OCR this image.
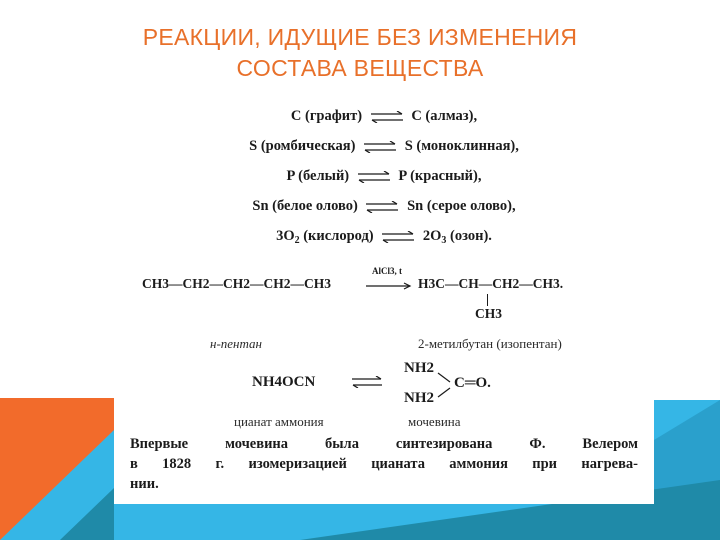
РЕАКЦИИ, ИДУЩИЕ БЕЗ ИЗМЕНЕНИЯ
СОСТАВА ВЕЩЕСТВА
C (графит) ⇌ C (алмаз),
S (ромбическая) ⇌ S (моноклинная),
P (белый) ⇌ P (красный),
Sn (белое олово) ⇌ Sn (серое олово),
$3O_2$ (кислород) ⇌ $2O_3$ (озон).
CH3—CH2—CH2—CH2—CH3
AlCl3, t
→ H3C—CH—CH2—CH3.
CH3
н-пентан	2-метилбутан (изопентан)
NH4OCN
NH2
NH2
C═O.
цианат аммония	мочевина
Впервые мочевина была синтезирована Ф. Велером
в 1828 г. изомеризацией цианата аммония при нагрева-
нии.
